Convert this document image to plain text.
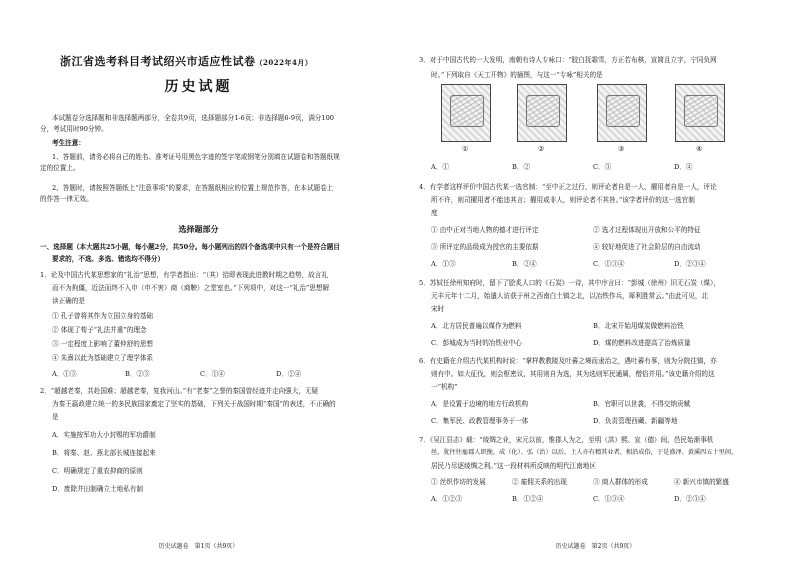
浙江省选考科目考试绍兴市适应性试卷（2022年4月）
历史试题
本试题卷分选择题和非选择题两部分，全卷共9页，选择题部分1-6页；非选择题6-9页，满分100
分，考试用时90分钟。
考生注意：
1、答题前，请务必将自己的姓名、准考证号用黑色字迹的签字笔或钢笔分别填在试题卷和答题纸规
定的位置上。
2、答题时，请按照答题纸上“注意事项”的要求，在答题纸相应的位置上规范作答，在本试题卷上
的作答一律无效。
选择题部分
一、选择题（本大题共25小题，每小题2分，共50分。每小题列出的四个备选项中只有一个是符合题目
要求的，不选、多选、错选均不得分）
1．论及中国古代某思想家的“礼治”思想，有学者指出：“（其）拾即表现此进教时期之趋势，故言礼
而不为拘僵，近法而终不入申（申不害）商（商鞅）之堂室也。”下列项中，对这一“礼治”思想解
读正确的是
① 孔子曾将其作为立国立身的基础
② 体现了荀子“礼法并重”的理念
③ 一定程度上影响了董仲舒的思想
④ 朱熹以此为基础建立了理学体系
A．①③	B．②③	C．①④	D．②④
2．“超越老秦，共赴国难；超越老秦，复我河山。”有“老秦”之誉的秦国曾经迹并走向强大，无疑
为秦王嬴政建立统一的多民族国家奠定了坚实的基础，下列关于战国时期“秦国”的表述，不正确的
是
A．实施按军功大小封赐的军功爵制
B．将秦、赵、燕北部长城连接起来
C．明确规定了重农抑商的原则
D．废除井田制确立土地私有制
历史试题卷　第1页（共9页）
3．对于中国古代的一大发明，南朝有诗人专咏口：“胶白抚霜雪，方正若布棋，宣简且立字，宁同负网
时。”下列取自《天工开物》的插图，与这一“专咏”相关的是
①	②	③	④
A．①	B．②	C．③	D．④
4．有学者这样评价中国古代某一选官制：“至中正之过行，则评论者自是一人，擢用者自是一人，评论
所不许，则司擢用者不能违其言；擢用或非人，则评论者不其咎。”该学者评价的这一选官制
度
① 由中正对当地人物的德才进行评定	② 选才过程体现出开放和公平的特征
③ 所评定的品级成为授官的主要依据	④ 较好地促进了社会阶层的自由流动
A．①③	B．②④	C．①③④	D．②③④
5．苏轼任徐州知府时，留下了脍炙人口的《石炭》一诗，其中序言曰：“彭城（徐州）旧无石炭（煤），
元丰元年十二月，始遣人访获于州之西南白土镇之北，以冶铁作兵，犀利胜常云。”由此可见，北
宋时
A．北方居民普遍以煤作为燃料	B．北宋开始用煤炭做燃料冶铁
C．彭城成为当时的冶铁业中心	D．煤的燃料改进提高了冶炼质量
6．有史籍在介绍古代某机构时说：“掌样教教陵及吐蕃之境而隶治之，遇吐蕃有事，则为分院往镇，亦
则有中。如大征伐，则会枢密议，其用则自为选，其为选则军民通属，僧俗并用。”该史籍介绍的这
一“机构”
A．是设置于边境的地方行政机构	B．官职可以世袭，不得交纳贡赋
C．集军民、政教管理事务于一体	D．负责管理西藏、新疆等地
7．《吴江县志》载：“绫绸之业，宋元以前，惟郡人为之，至明（洪）熙、宣（德）间，邑民始渐事机
丝，犹往往雇郡人织挽，成（化）、弘（治）以后，土人亦有精其业者，相沿成俗，于是盛泽、黄溪四五十里间，
居民乃尽逐绫绸之利。”这一段材料所反映的明代江南地区
① 丝织作坊的发展	② 雇佣关系的出现	③ 商人群体的形成	④ 新兴市镇的繁盛
A．①②③	B．①②④	C．①③④	D．②③④
历史试题卷　第2页（共9页）
